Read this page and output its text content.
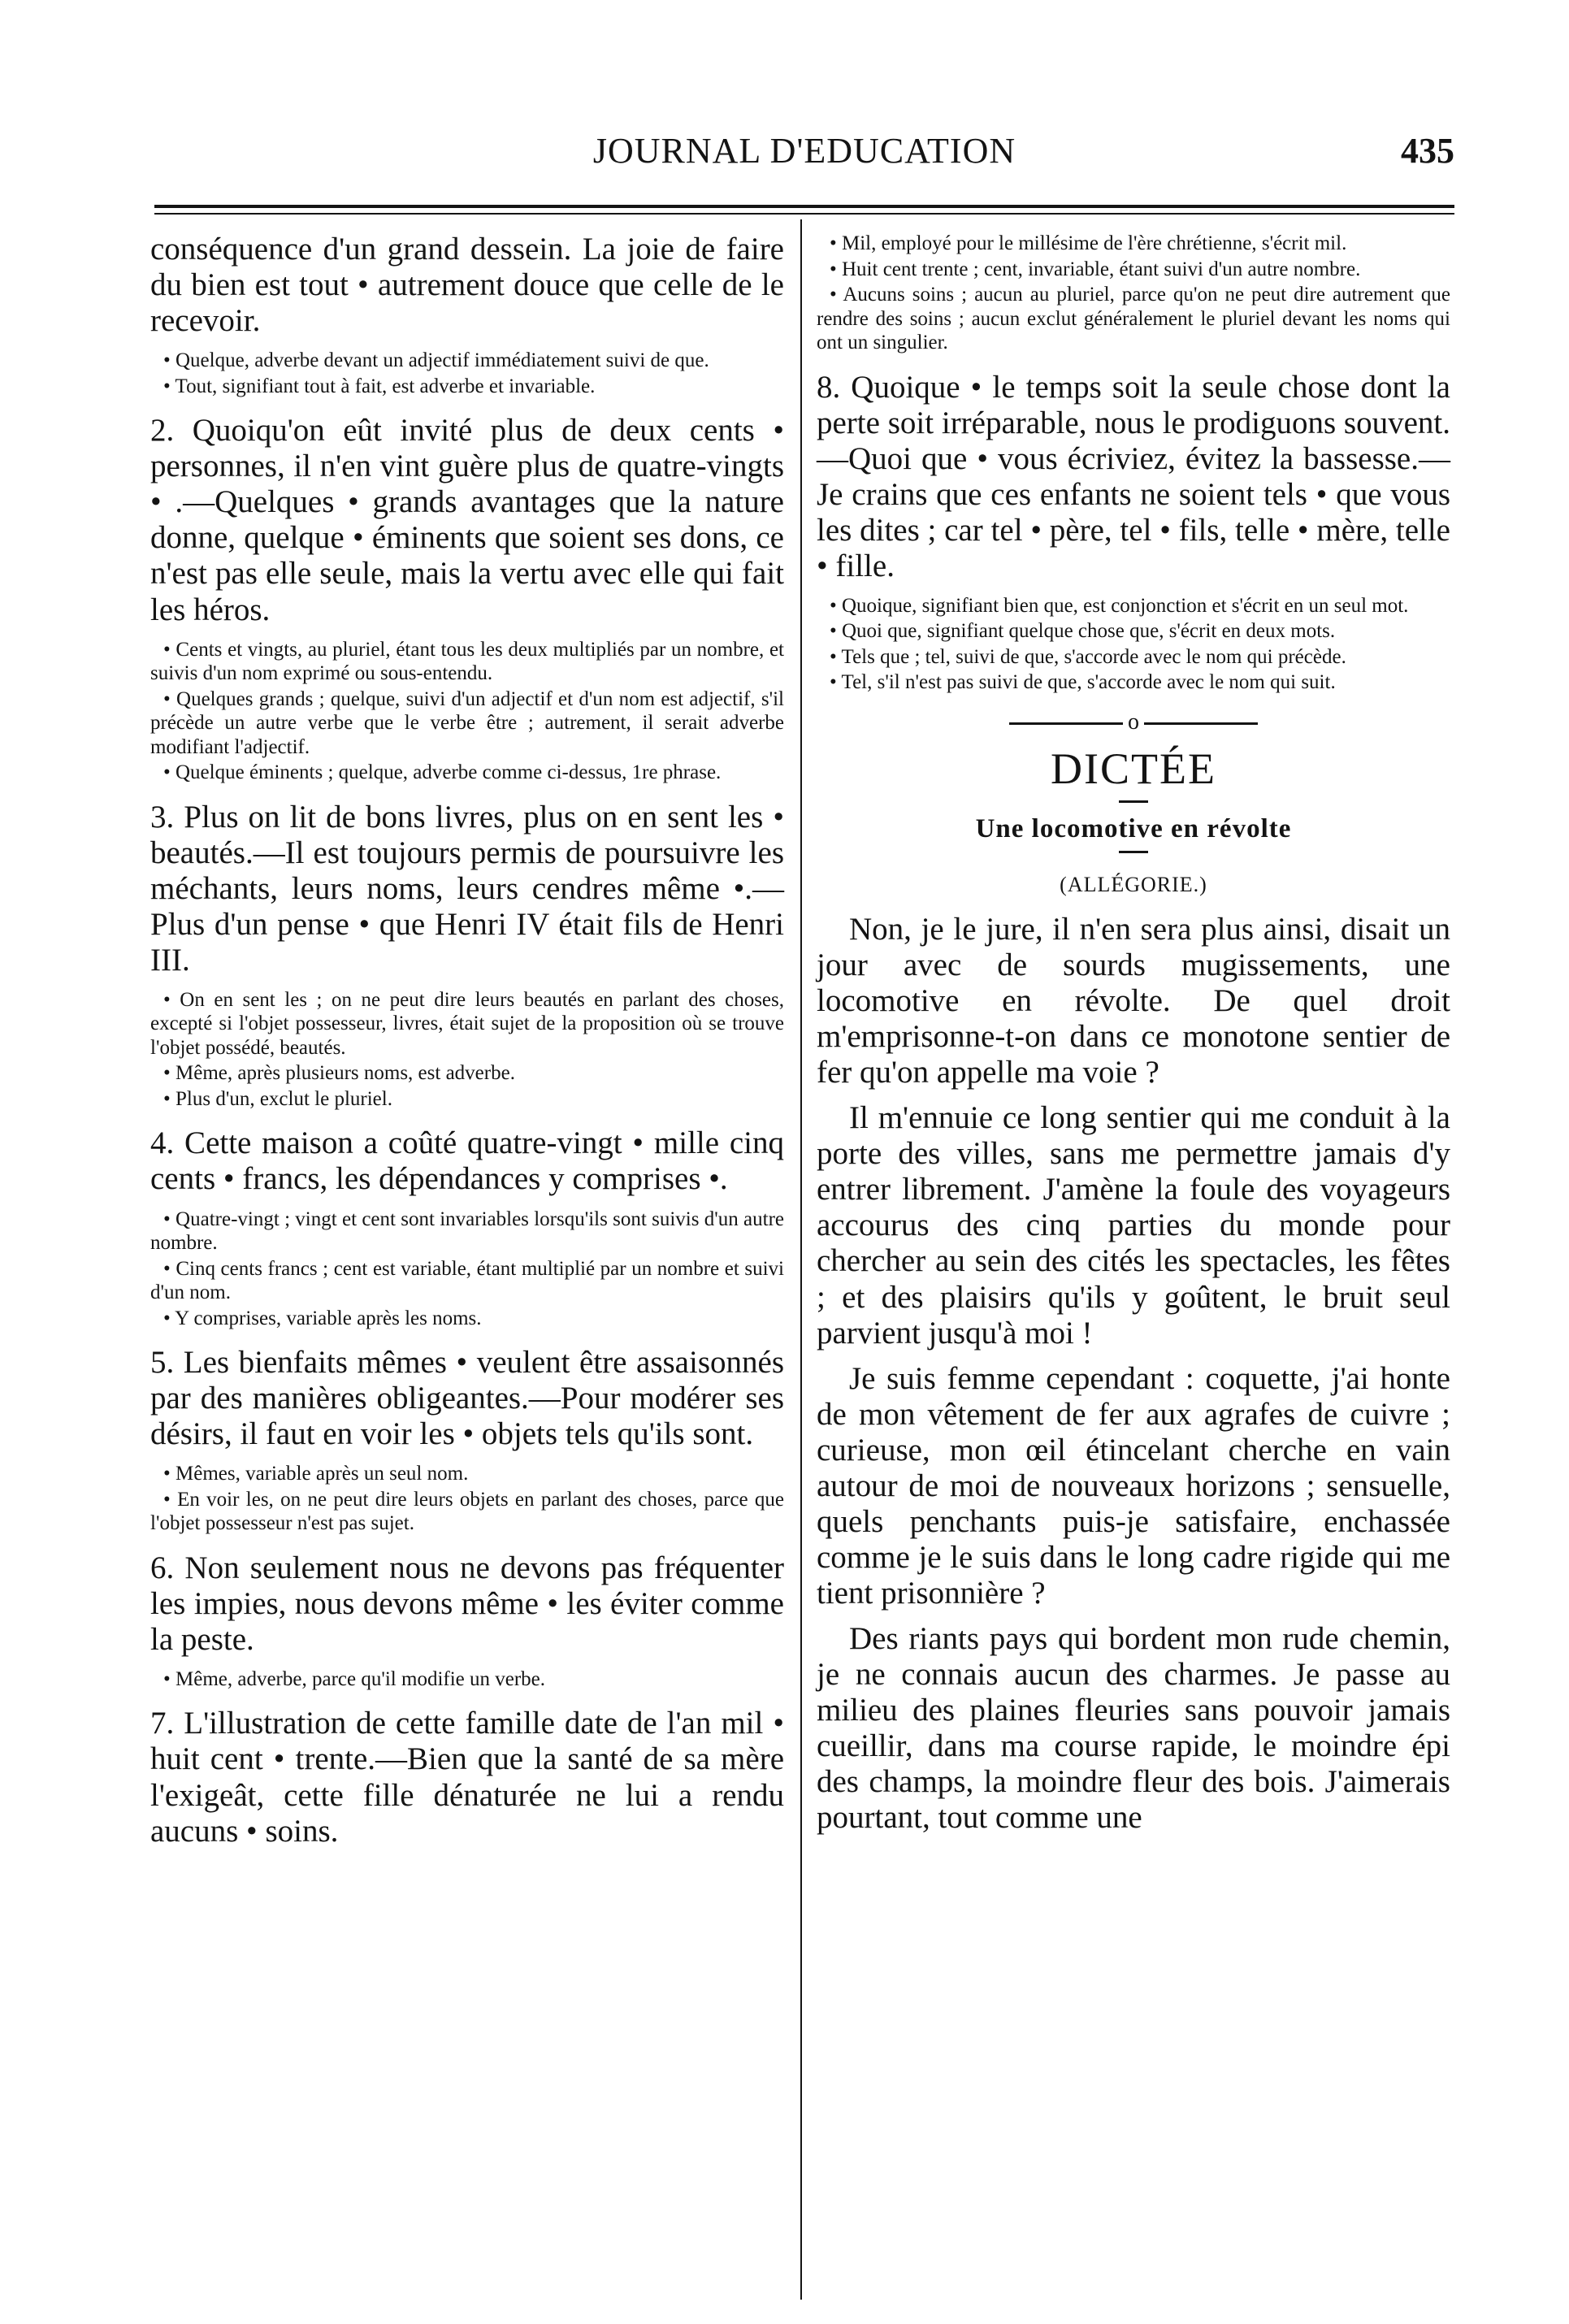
JOURNAL D'EDUCATION	435

conséquence d'un grand dessein. La joie de faire du bien est tout • autrement douce que celle de le recevoir.

• Quelque, adverbe devant un adjectif immédiatement suivi de que.

• Tout, signifiant tout à fait, est adverbe et invariable.

2. Quoiqu'on eût invité plus de deux cents • personnes, il n'en vint guère plus de quatre-vingts • .—Quelques • grands avantages que la nature donne, quelque • éminents que soient ses dons, ce n'est pas elle seule, mais la vertu avec elle qui fait les héros.

• Cents et vingts, au pluriel, étant tous les deux multipliés par un nombre, et suivis d'un nom exprimé ou sous-entendu.

• Quelques grands ; quelque, suivi d'un adjectif et d'un nom est adjectif, s'il précède un autre verbe que le verbe être ; autrement, il serait adverbe modifiant l'adjectif.

• Quelque éminents ; quelque, adverbe comme ci-dessus, 1re phrase.

3. Plus on lit de bons livres, plus on en sent les • beautés.—Il est toujours permis de poursuivre les méchants, leurs noms, leurs cendres même •.—Plus d'un pense • que Henri IV était fils de Henri III.

• On en sent les ; on ne peut dire leurs beautés en parlant des choses, excepté si l'objet possesseur, livres, était sujet de la proposition où se trouve l'objet possédé, beautés.

• Même, après plusieurs noms, est adverbe.

• Plus d'un, exclut le pluriel.

4. Cette maison a coûté quatre-vingt • mille cinq cents • francs, les dépendances y comprises •.

• Quatre-vingt ; vingt et cent sont invariables lorsqu'ils sont suivis d'un autre nombre.

• Cinq cents francs ; cent est variable, étant multiplié par un nombre et suivi d'un nom.

• Y comprises, variable après les noms.

5. Les bienfaits mêmes • veulent être assaisonnés par des manières obligeantes.—Pour modérer ses désirs, il faut en voir les • objets tels qu'ils sont.

• Mêmes, variable après un seul nom.

• En voir les, on ne peut dire leurs objets en parlant des choses, parce que l'objet possesseur n'est pas sujet.

6. Non seulement nous ne devons pas fréquenter les impies, nous devons même • les éviter comme la peste.

• Même, adverbe, parce qu'il modifie un verbe.

7. L'illustration de cette famille date de l'an mil • huit cent • trente.—Bien que la santé de sa mère l'exigeât, cette fille dénaturée ne lui a rendu aucuns • soins.

• Mil, employé pour le millésime de l'ère chrétienne, s'écrit mil.

• Huit cent trente ; cent, invariable, étant suivi d'un autre nombre.

• Aucuns soins ; aucun au pluriel, parce qu'on ne peut dire autrement que rendre des soins ; aucun exclut généralement le pluriel devant les noms qui ont un singulier.

8. Quoique • le temps soit la seule chose dont la perte soit irréparable, nous le prodiguons souvent.—Quoi que • vous écriviez, évitez la bassesse.—Je crains que ces enfants ne soient tels • que vous les dites ; car tel • père, tel • fils, telle • mère, telle • fille.

• Quoique, signifiant bien que, est conjonction et s'écrit en un seul mot.

• Quoi que, signifiant quelque chose que, s'écrit en deux mots.

• Tels que ; tel, suivi de que, s'accorde avec le nom qui précède.

• Tel, s'il n'est pas suivi de que, s'accorde avec le nom qui suit.

o
DICTÉE
Une locomotive en révolte
(ALLÉGORIE.)

Non, je le jure, il n'en sera plus ainsi, disait un jour avec de sourds mugissements, une locomotive en révolte. De quel droit m'emprisonne-t-on dans ce monotone sentier de fer qu'on appelle ma voie ?

Il m'ennuie ce long sentier qui me conduit à la porte des villes, sans me permettre jamais d'y entrer librement. J'amène la foule des voyageurs accourus des cinq parties du monde pour chercher au sein des cités les spectacles, les fêtes ; et des plaisirs qu'ils y goûtent, le bruit seul parvient jusqu'à moi !

Je suis femme cependant : coquette, j'ai honte de mon vêtement de fer aux agrafes de cuivre ; curieuse, mon œil étincelant cherche en vain autour de moi de nouveaux horizons ; sensuelle, quels penchants puis-je satisfaire, enchassée comme je le suis dans le long cadre rigide qui me tient prisonnière ?

Des riants pays qui bordent mon rude chemin, je ne connais aucun des charmes. Je passe au milieu des plaines fleuries sans pouvoir jamais cueillir, dans ma course rapide, le moindre épi des champs, la moindre fleur des bois. J'aimerais pourtant, tout comme une
